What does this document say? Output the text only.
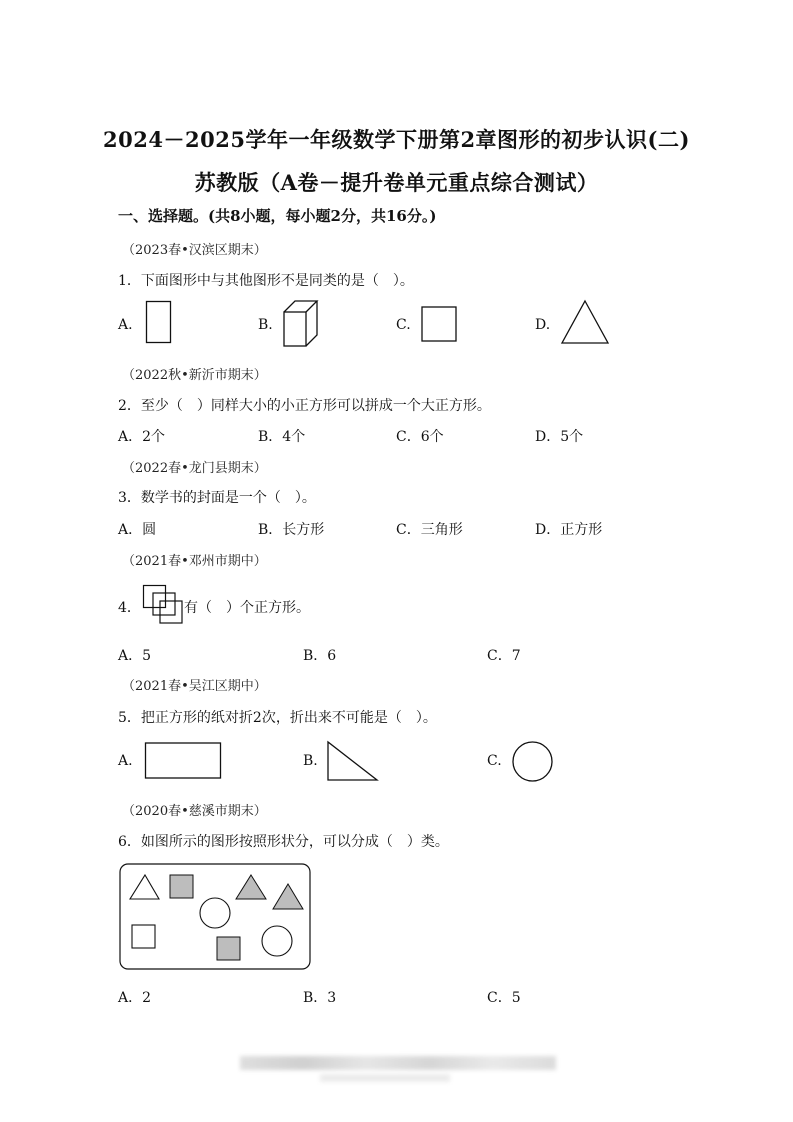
2024－2025学年一年级数学下册第2章图形的初步认识(二)
苏教版（A卷－提升卷单元重点综合测试）
一、选择题。(共8小题，每小题2分，共16分。)
（2023春•汉滨区期末）
1．下面图形中与其他图形不是同类的是（　）。
A.	B.	C.	D.
（2022秋•新沂市期末）
2．至少（　）同样大小的小正方形可以拼成一个大正方形。
A．2个	B．4个	C．6个	D．5个
（2022春•龙门县期末）
3．数学书的封面是一个（　）。
A．圆	B．长方形	C．三角形	D．正方形
（2021春•邓州市期中）
4．	有（　）个正方形。
A．5	B．6	C．7
（2021春•吴江区期中）
5．把正方形的纸对折2次，折出来不可能是（　）。
A.	B.	C.
（2020春•慈溪市期末）
6．如图所示的图形按照形状分，可以分成（　）类。
A．2	B．3	C．5
